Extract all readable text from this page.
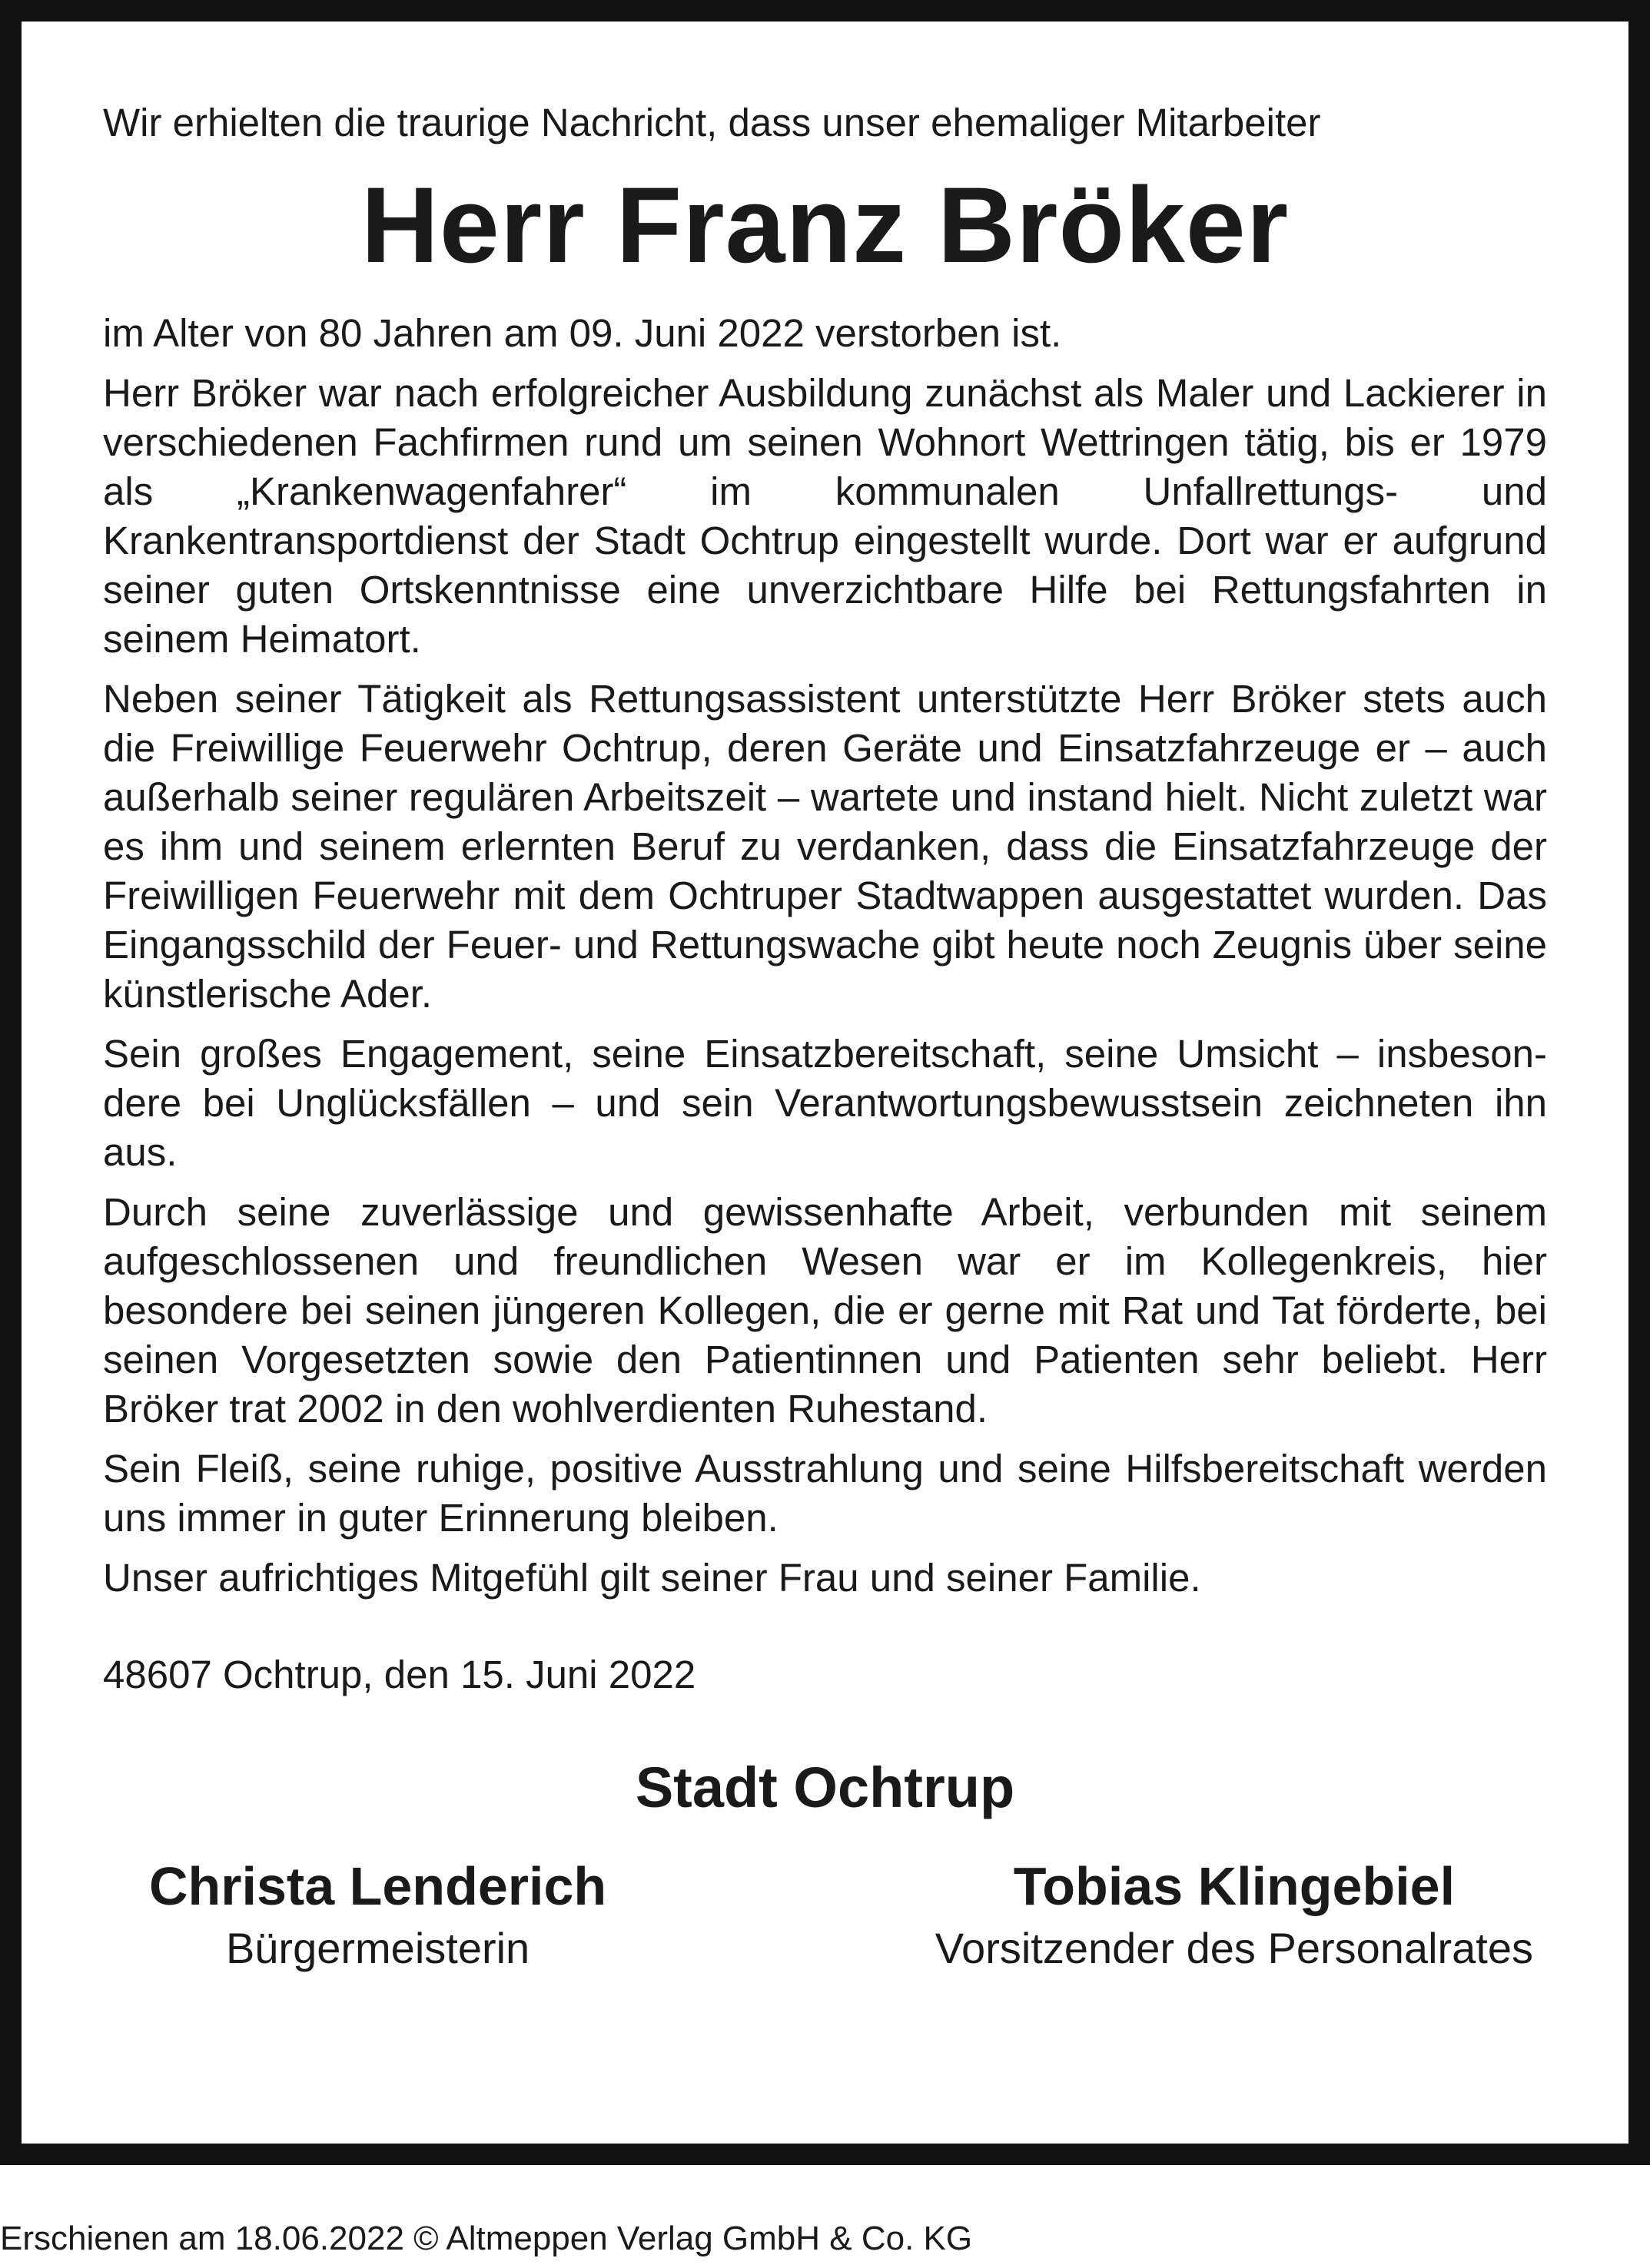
Wir erhielten die traurige Nachricht, dass unser ehemaliger Mitarbeiter

Herr Franz Bröker

im Alter von 80 Jahren am 09. Juni 2022 verstorben ist.

Herr Bröker war nach erfolgreicher Ausbildung zunächst als Maler und Lackierer in verschiedenen Fachfirmen rund um seinen Wohnort Wettringen tätig, bis er 1979 als „Krankenwagenfahrer“ im kommunalen Unfallrettungs- und Krankentransportdienst der Stadt Ochtrup eingestellt wurde. Dort war er aufgrund seiner guten Ortskenntnisse eine unverzichtbare Hilfe bei Rettungsfahrten in seinem Heimatort.

Neben seiner Tätigkeit als Rettungsassistent unterstützte Herr Bröker stets auch die Freiwillige Feuerwehr Ochtrup, deren Geräte und Einsatzfahrzeuge er – auch außerhalb seiner regulären Arbeitszeit – wartete und instand hielt. Nicht zuletzt war es ihm und seinem erlernten Beruf zu verdanken, dass die Einsatzfahrzeuge der Freiwilligen Feuerwehr mit dem Ochtruper Stadtwappen ausgestattet wurden. Das Eingangsschild der Feuer- und Rettungswache gibt heute noch Zeugnis über seine künstlerische Ader.

Sein großes Engagement, seine Einsatzbereitschaft, seine Umsicht – insbesondere bei Unglücksfällen – und sein Verantwortungsbewusstsein zeichneten ihn aus.

Durch seine zuverlässige und gewissenhafte Arbeit, verbunden mit seinem aufgeschlossenen und freundlichen Wesen war er im Kollegenkreis, hier besondere bei seinen jüngeren Kollegen, die er gerne mit Rat und Tat förderte, bei seinen Vorgesetzten sowie den Patientinnen und Patienten sehr beliebt. Herr Bröker trat 2002 in den wohlverdienten Ruhestand.

Sein Fleiß, seine ruhige, positive Ausstrahlung und seine Hilfsbereitschaft werden uns immer in guter Erinnerung bleiben.

Unser aufrichtiges Mitgefühl gilt seiner Frau und seiner Familie.

48607 Ochtrup, den 15. Juni 2022

Stadt Ochtrup
Christa Lenderich
Bürgermeisterin
Tobias Klingebiel
Vorsitzender des Personalrates
Erschienen am 18.06.2022 © Altmeppen Verlag GmbH & Co. KG
